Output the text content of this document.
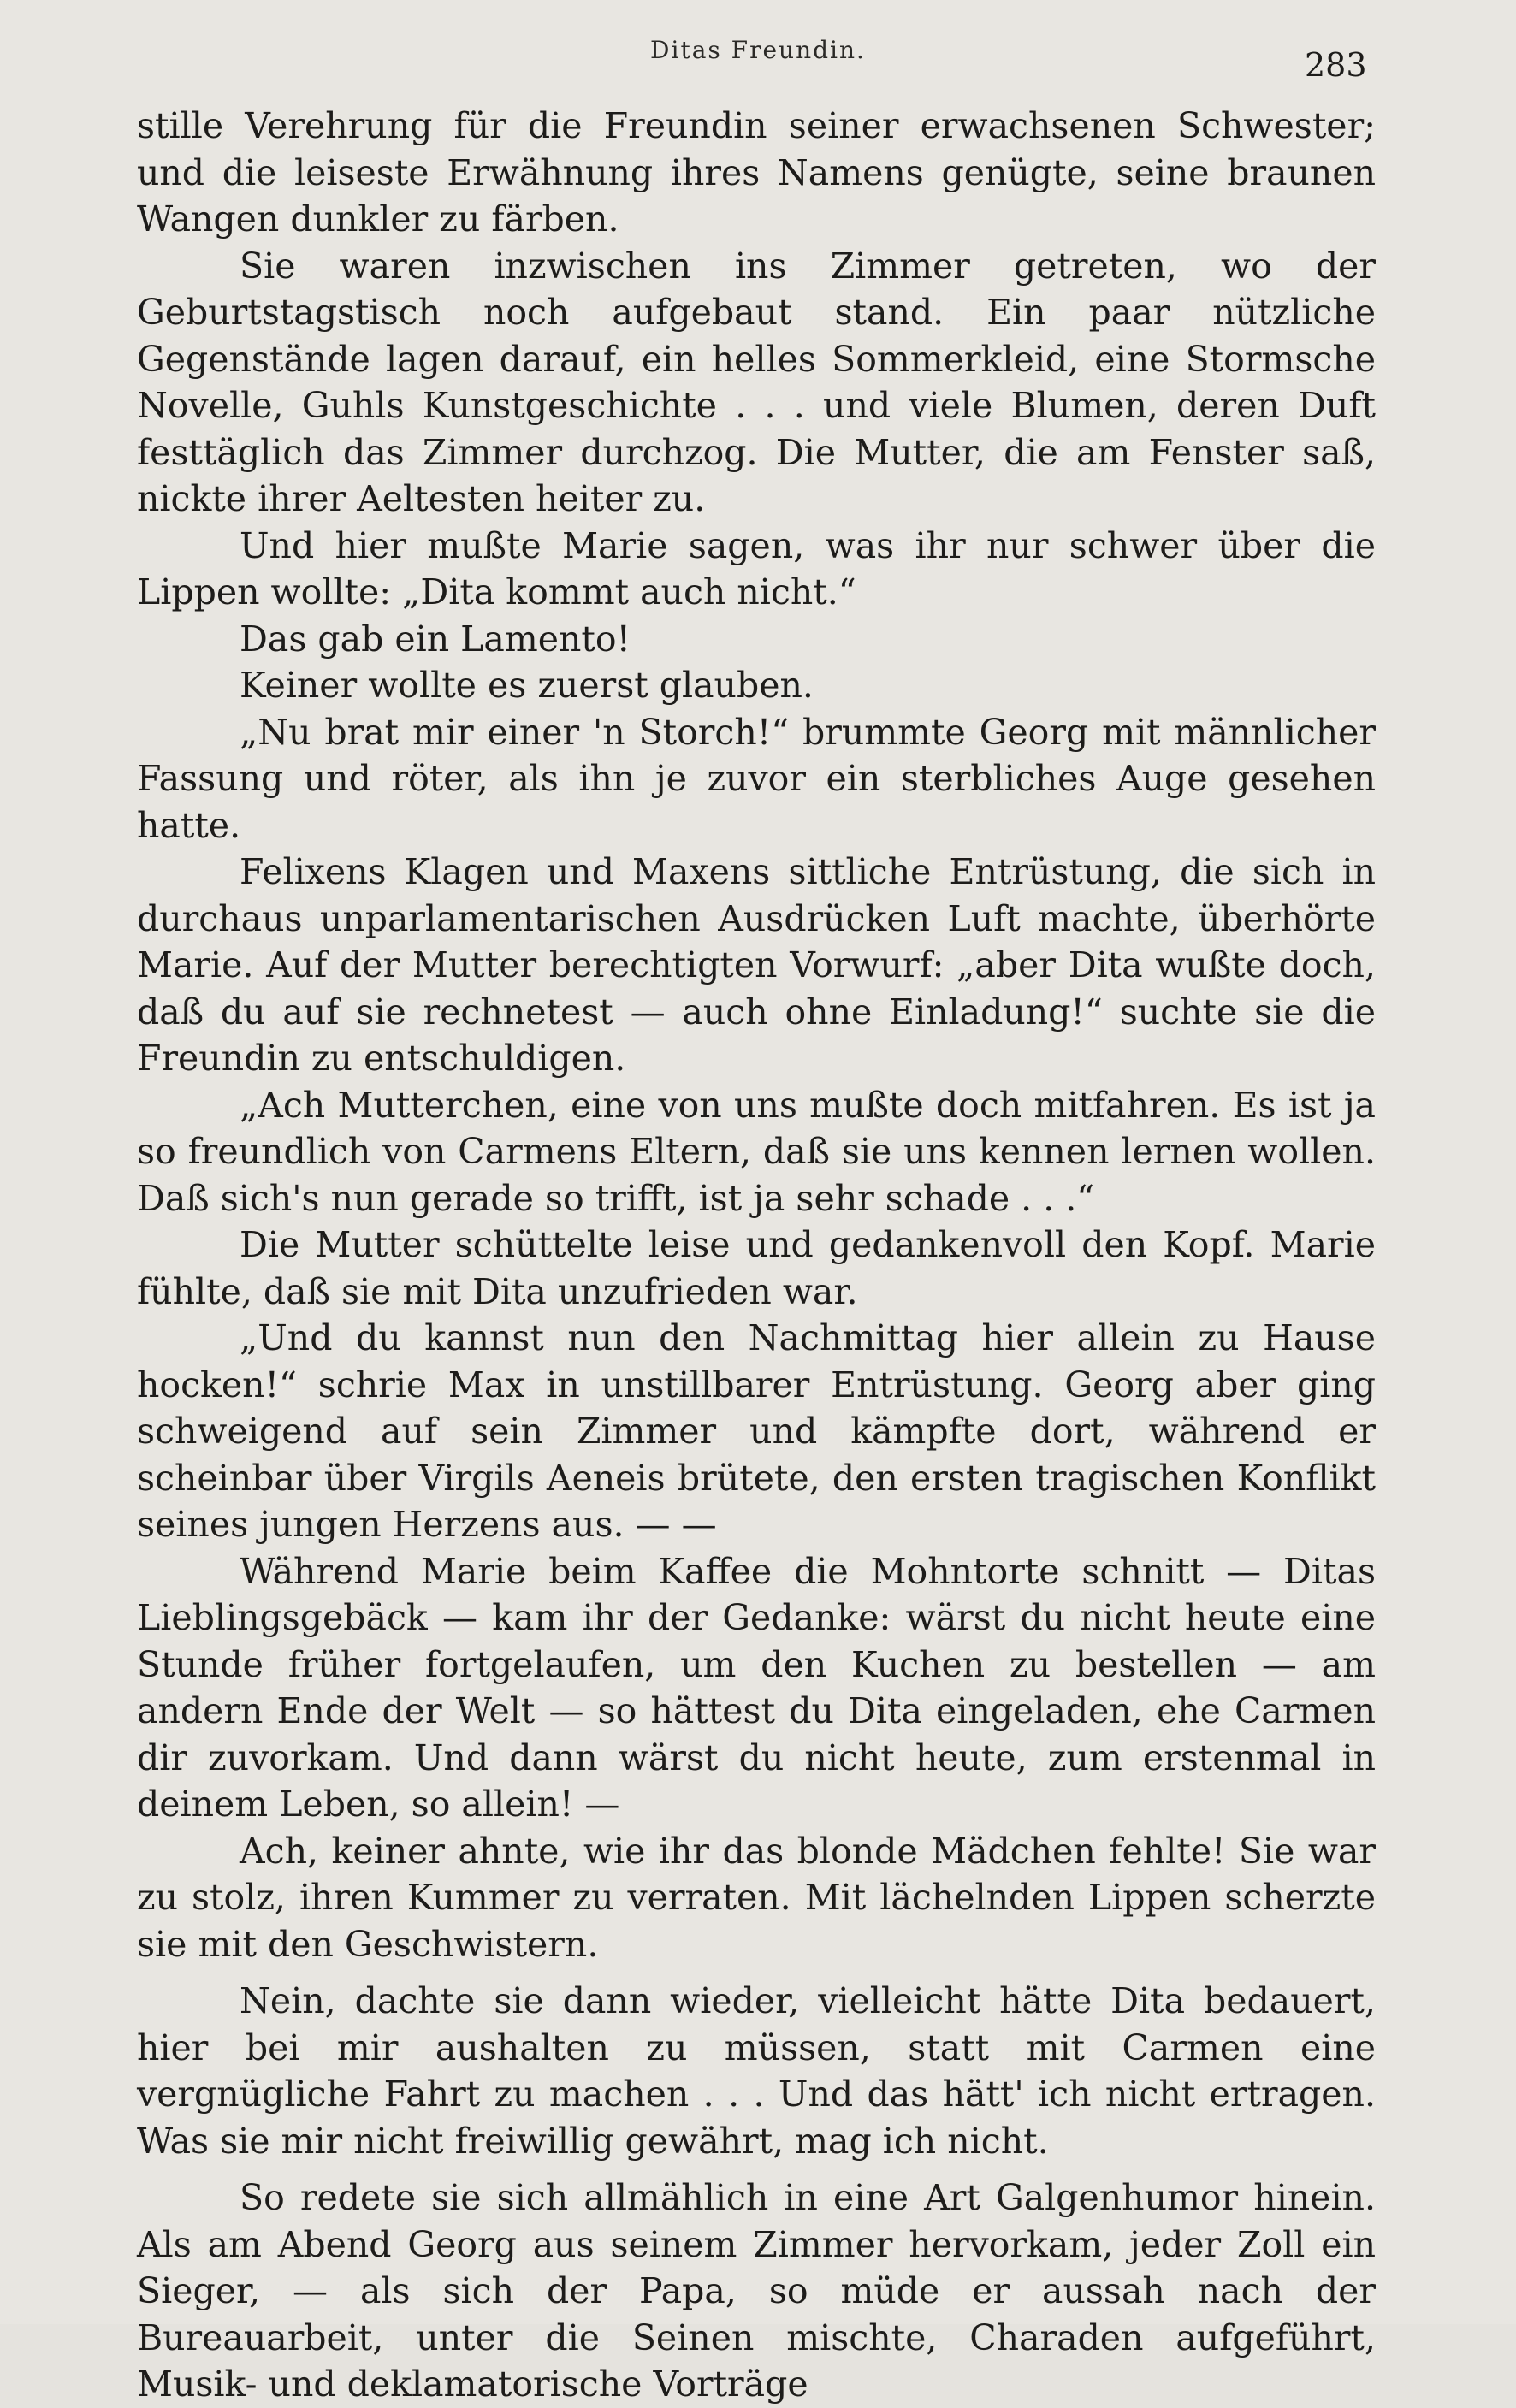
Ditas Freundin.	283

stille Verehrung für die Freundin seiner erwachsenen Schwester; und die leiseste Erwähnung ihres Namens genügte, seine braunen Wangen dunkler zu färben.

Sie waren inzwischen ins Zimmer getreten, wo der Geburtstagstisch noch aufgebaut stand. Ein paar nützliche Gegenstände lagen darauf, ein helles Sommerkleid, eine Stormsche Novelle, Guhls Kunstgeschichte . . . und viele Blumen, deren Duft festtäglich das Zimmer durchzog. Die Mutter, die am Fenster saß, nickte ihrer Aeltesten heiter zu.

Und hier mußte Marie sagen, was ihr nur schwer über die Lippen wollte: „Dita kommt auch nicht.“

Das gab ein Lamento!

Keiner wollte es zuerst glauben.

„Nu brat mir einer 'n Storch!“ brummte Georg mit männlicher Fassung und röter, als ihn je zuvor ein sterbliches Auge gesehen hatte.

Felixens Klagen und Maxens sittliche Entrüstung, die sich in durchaus unparlamentarischen Ausdrücken Luft machte, überhörte Marie. Auf der Mutter berechtigten Vorwurf: „aber Dita wußte doch, daß du auf sie rechnetest — auch ohne Einladung!“ suchte sie die Freundin zu entschuldigen.

„Ach Mutterchen, eine von uns mußte doch mitfahren. Es ist ja so freundlich von Carmens Eltern, daß sie uns kennen lernen wollen. Daß sich's nun gerade so trifft, ist ja sehr schade . . .“

Die Mutter schüttelte leise und gedankenvoll den Kopf. Marie fühlte, daß sie mit Dita unzufrieden war.

„Und du kannst nun den Nachmittag hier allein zu Hause hocken!“ schrie Max in unstillbarer Entrüstung. Georg aber ging schweigend auf sein Zimmer und kämpfte dort, während er scheinbar über Virgils Aeneis brütete, den ersten tragischen Konflikt seines jungen Herzens aus. — —

Während Marie beim Kaffee die Mohntorte schnitt — Ditas Lieblingsgebäck — kam ihr der Gedanke: wärst du nicht heute eine Stunde früher fortgelaufen, um den Kuchen zu bestellen — am andern Ende der Welt — so hättest du Dita eingeladen, ehe Carmen dir zuvorkam. Und dann wärst du nicht heute, zum erstenmal in deinem Leben, so allein! —

Ach, keiner ahnte, wie ihr das blonde Mädchen fehlte! Sie war zu stolz, ihren Kummer zu verraten. Mit lächelnden Lippen scherzte sie mit den Geschwistern.

Nein, dachte sie dann wieder, vielleicht hätte Dita bedauert, hier bei mir aushalten zu müssen, statt mit Carmen eine vergnügliche Fahrt zu machen . . . Und das hätt' ich nicht ertragen. Was sie mir nicht freiwillig gewährt, mag ich nicht.

So redete sie sich allmählich in eine Art Galgenhumor hinein. Als am Abend Georg aus seinem Zimmer hervorkam, jeder Zoll ein Sieger, — als sich der Papa, so müde er aussah nach der Bureauarbeit, unter die Seinen mischte, Charaden aufgeführt, Musik- und deklamatorische Vorträge
